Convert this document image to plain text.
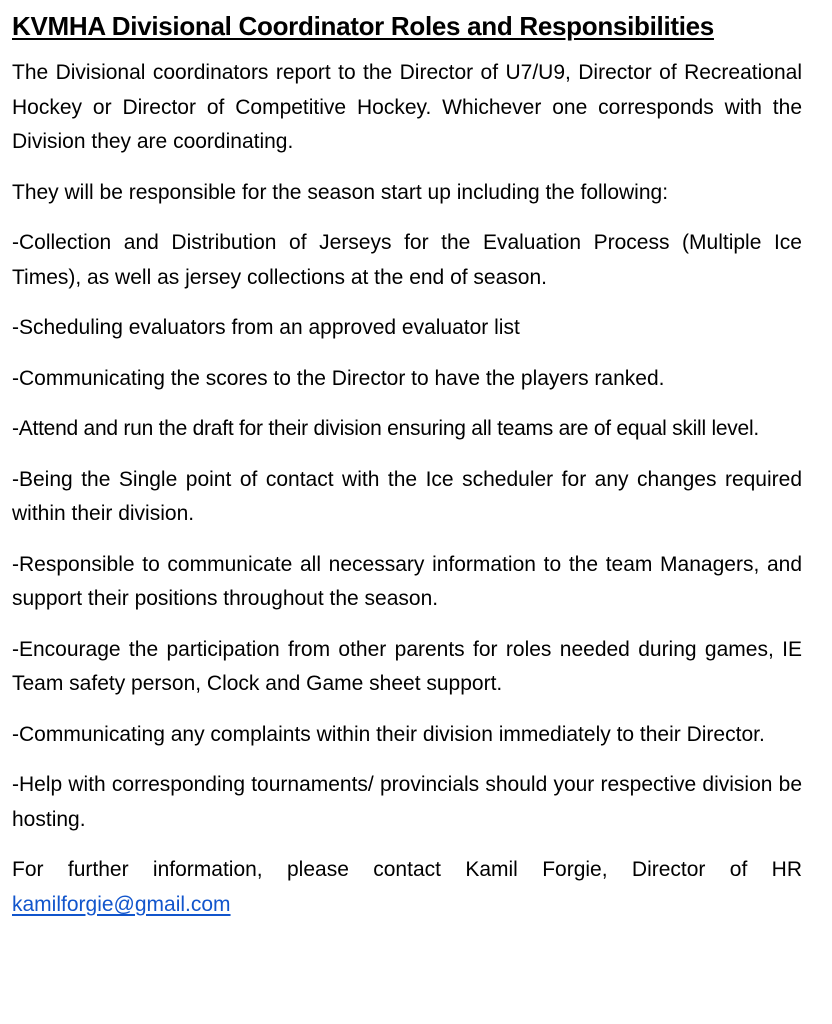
KVMHA Divisional Coordinator Roles and Responsibilities

The Divisional coordinators report to the Director of U7/U9, Director of Recreational Hockey or Director of Competitive Hockey. Whichever one corresponds with the Division they are coordinating.

They will be responsible for the season start up including the following:

-Collection and Distribution of Jerseys for the Evaluation Process (Multiple Ice Times), as well as jersey collections at the end of season.

-Scheduling evaluators from an approved evaluator list

-Communicating the scores to the Director to have the players ranked.

-Attend and run the draft for their division ensuring all teams are of equal skill level.

-Being the Single point of contact with the Ice scheduler for any changes required within their division.

-Responsible to communicate all necessary information to the team Managers, and support their positions throughout the season.

-Encourage the participation from other parents for roles needed during games, IE Team safety person, Clock and Game sheet support.

-Communicating any complaints within their division immediately to their Director.

-Help with corresponding tournaments/ provincials should your respective division be hosting.

For further information, please contact Kamil Forgie, Director of HR kamilforgie@gmail.com
